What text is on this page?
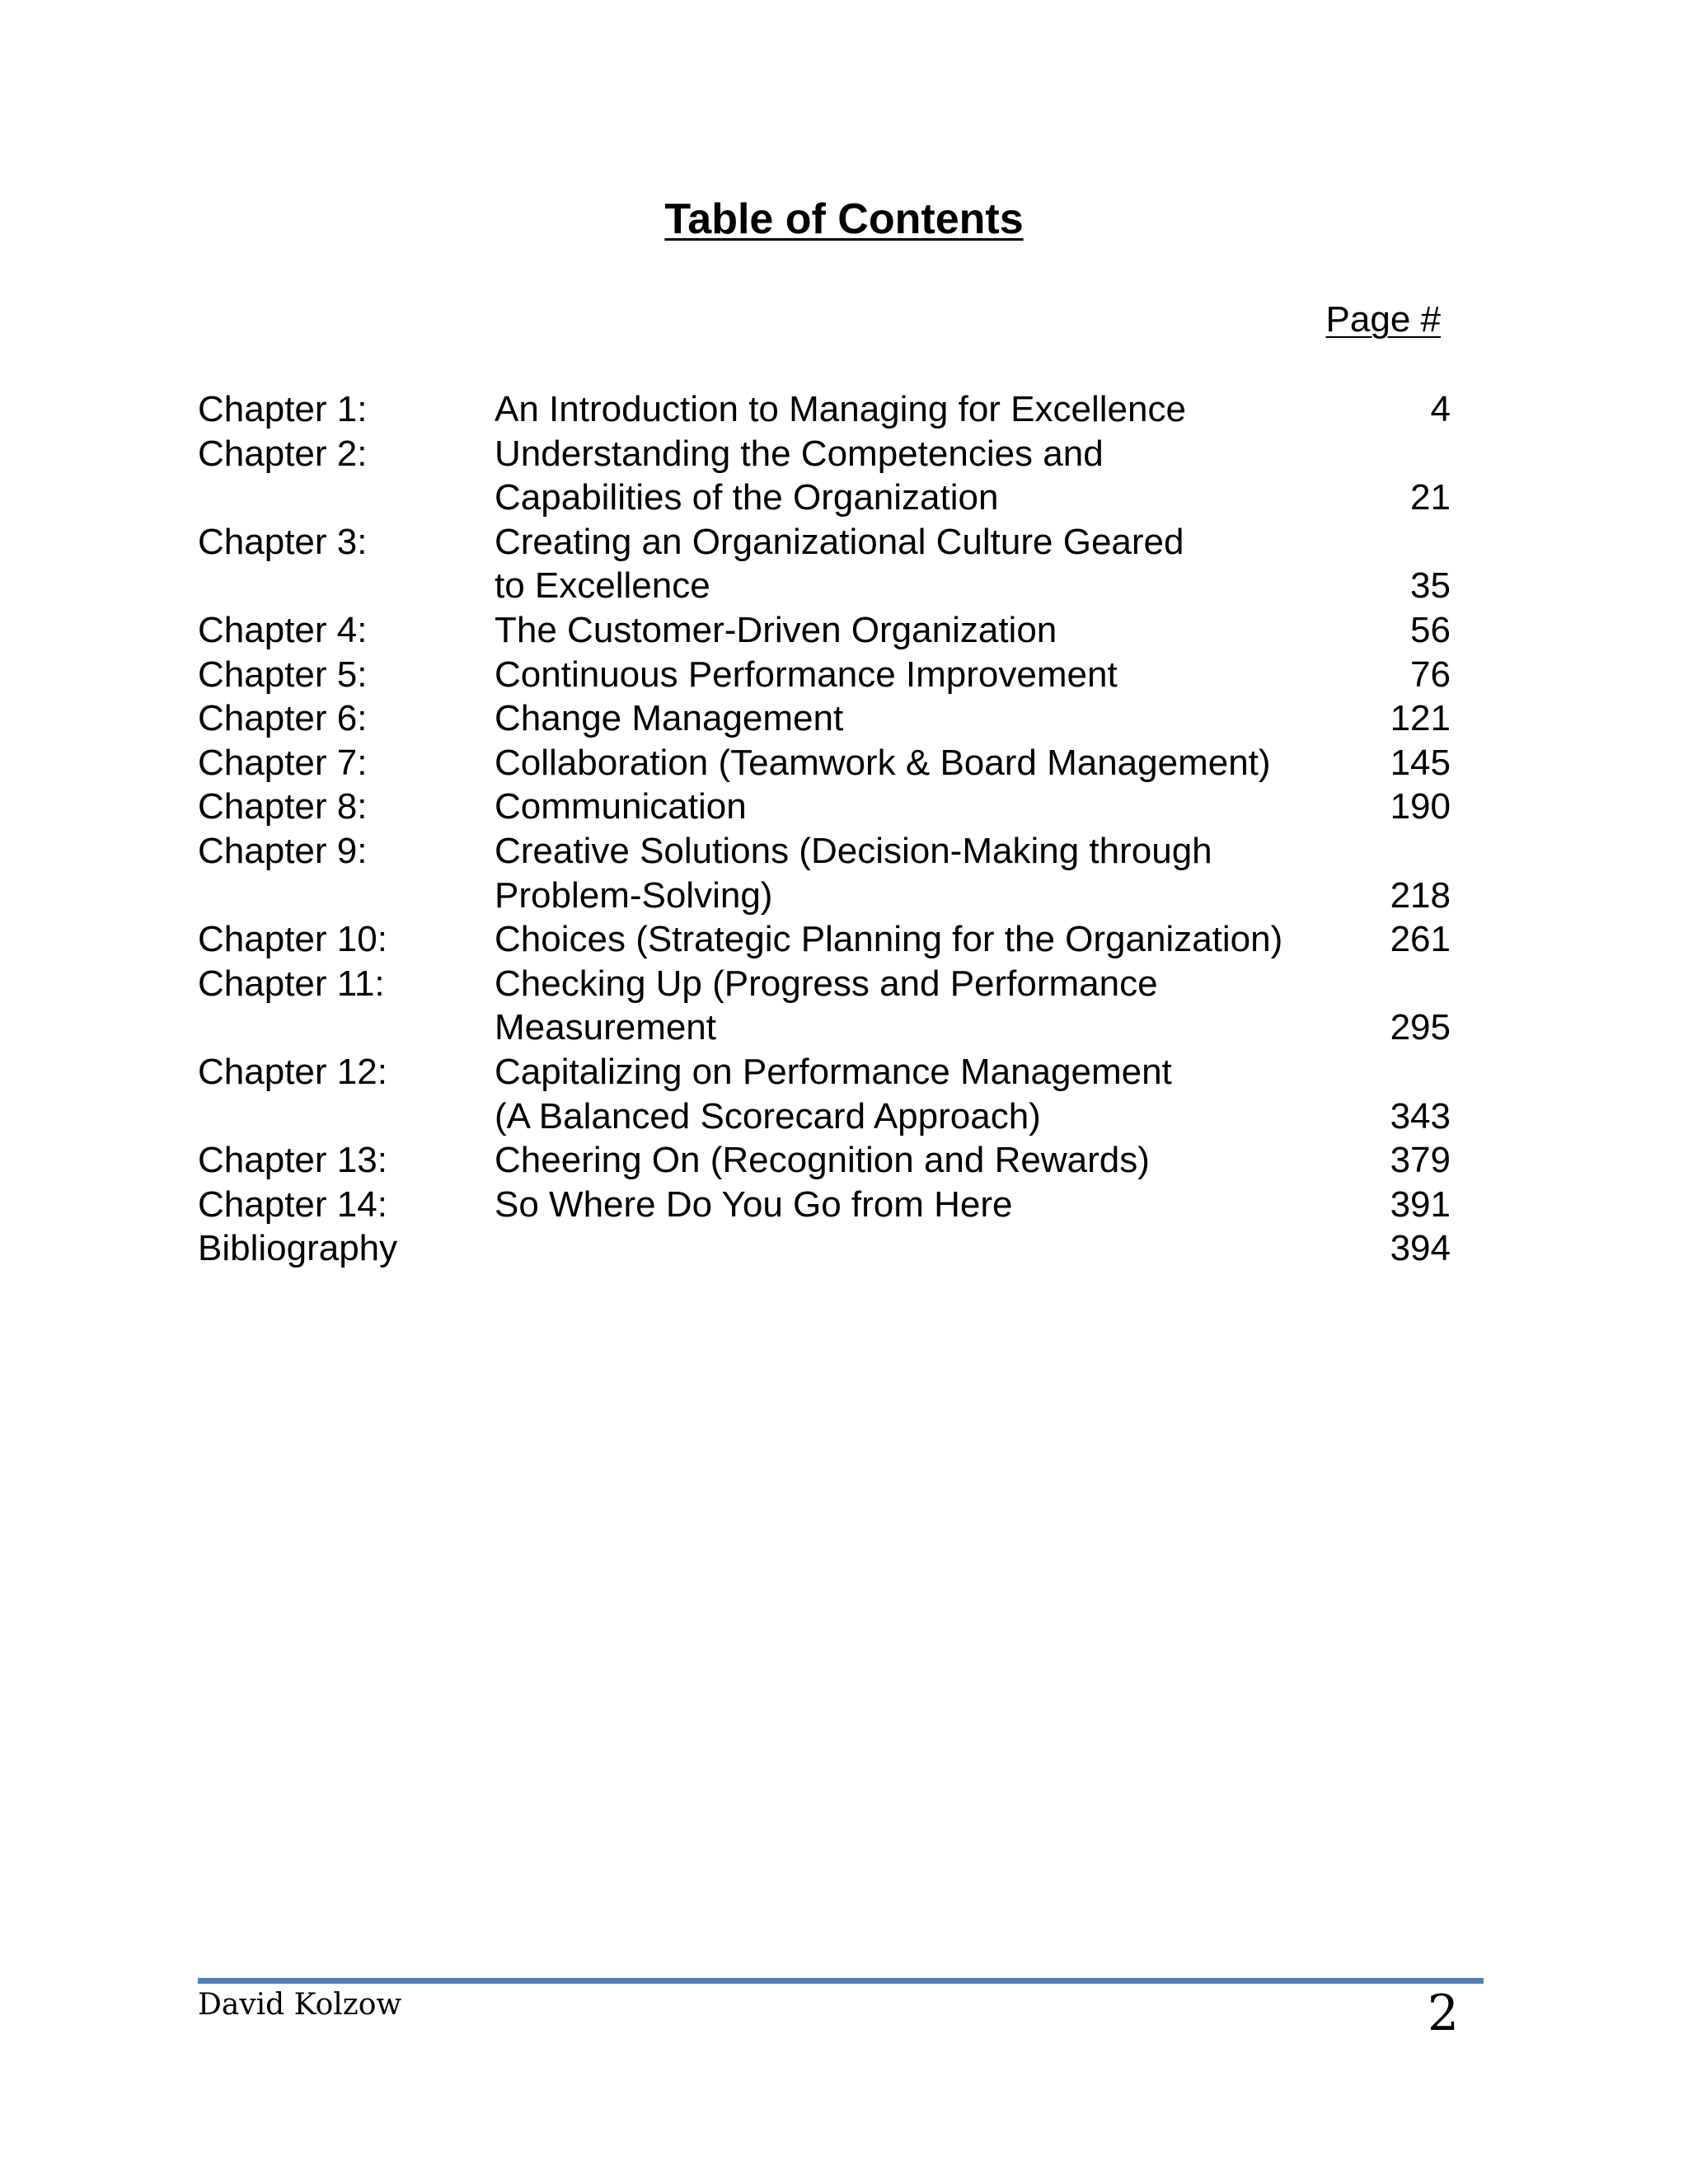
Table of Contents
Page #
Chapter 1:	An Introduction to Managing for Excellence	4
Chapter 2:	Understanding the Competencies and
Capabilities of the Organization	21
Chapter 3:	Creating an Organizational Culture Geared
to Excellence	35
Chapter 4:	The Customer-Driven Organization	56
Chapter 5:	Continuous Performance Improvement	76
Chapter 6:	Change Management	121
Chapter 7:	Collaboration (Teamwork & Board Management)	145
Chapter 8:	Communication	190
Chapter 9:	Creative Solutions (Decision-Making through
Problem-Solving)	218
Chapter 10:	Choices (Strategic Planning for the Organization)	261
Chapter 11:	Checking Up (Progress and Performance
Measurement	295
Chapter 12:	Capitalizing on Performance Management
(A Balanced Scorecard Approach)	343
Chapter 13:	Cheering On (Recognition and Rewards)	379
Chapter 14:	So Where Do You Go from Here	391
Bibliography	394
David Kolzow	2
